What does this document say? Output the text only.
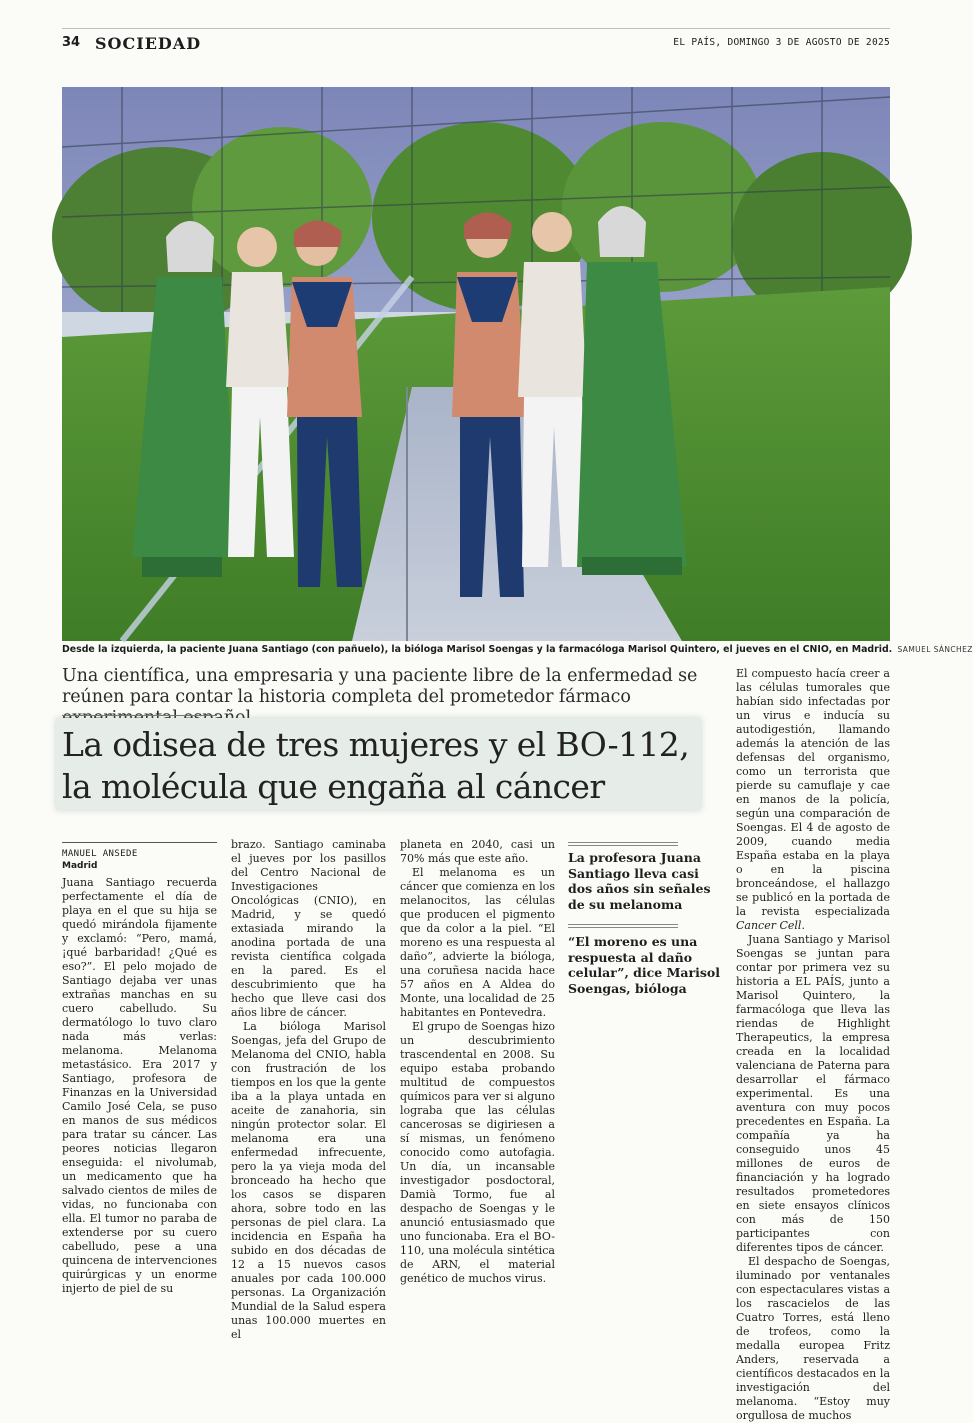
34 SOCIEDAD	EL PAÍS, DOMINGO 3 DE AGOSTO DE 2025
Desde la izquierda, la paciente Juana Santiago (con pañuelo), la bióloga Marisol Soengas y la farmacóloga Marisol Quintero, el jueves en el CNIO, en Madrid. SAMUEL SÁNCHEZ
Una científica, una empresaria y una paciente libre de la enfermedad se reúnen para contar la historia completa del prometedor fármaco
La odisea de tres mujeres y el BO-112,
la molécula que engaña al cáncer
MANUEL ANSEDE
Madrid

Juana Santiago recuerda perfectamente el día de playa en el que su hija se quedó mirándola fijamente y exclamó: “Pero, mamá, ¡qué barbaridad! ¿Qué es eso?”. El pelo mojado de Santiago dejaba ver unas extrañas manchas en su cuero cabelludo. Su dermatólogo lo tuvo claro nada más verlas: melanoma. Melanoma metastásico. Era 2017 y Santiago, profesora de Finanzas en la Universidad Camilo José Cela, se puso en manos de sus médicos para tratar su cáncer. Las peores noticias llegaron enseguida: el nivolumab, un medicamento que ha salvado cientos de miles de vidas, no funcionaba con ella. El tumor no paraba de extenderse por su cuero cabelludo, pese a una quincena de intervenciones quirúrgicas y un enorme injerto de piel de su

brazo. Santiago caminaba el jueves por los pasillos del Centro Nacional de Investigaciones Oncológicas (CNIO), en Madrid, y se quedó extasiada mirando la anodina portada de una revista científica colgada en la pared. Es el descubrimiento que ha hecho que lleve casi dos años libre de cáncer.

La bióloga Marisol Soengas, jefa del Grupo de Melanoma del CNIO, habla con frustración de los tiempos en los que la gente iba a la playa untada en aceite de zanahoria, sin ningún protector solar. El melanoma era una enfermedad infrecuente, pero la ya vieja moda del bronceado ha hecho que los casos se disparen ahora, sobre todo en las personas de piel clara. La incidencia en España ha subido en dos décadas de 12 a 15 nuevos casos anuales por cada 100.000 personas. La Organización Mundial de la Salud espera unas 100.000 muertes en el

planeta en 2040, casi un 70% más que este año.

El melanoma es un cáncer que comienza en los melanocitos, las células que producen el pigmento que da color a la piel. “El moreno es una respuesta al daño”, advierte la bióloga, una coruñesa nacida hace 57 años en A Aldea do Monte, una localidad de 25 habitantes en Pontevedra.

El grupo de Soengas hizo un descubrimiento trascendental en 2008. Su equipo estaba probando multitud de compuestos químicos para ver si alguno lograba que las células cancerosas se digiriesen a sí mismas, un fenómeno conocido como autofagia. Un día, un incansable investigador posdoctoral, Damià Tormo, fue al despacho de Soengas y le anunció entusiasmado que uno funcionaba. Era el BO-110, una molécula sintética de ARN, el material genético de muchos virus.

La profesora Juana Santiago lleva casi dos años sin señales de su melanoma
“El moreno es una respuesta al daño celular”, dice Marisol Soengas, bióloga

El compuesto hacía creer a las células tumorales que habían sido infectadas por un virus e inducía su autodigestión, llamando además la atención de las defensas del organismo, como un terrorista que pierde su camuflaje y cae en manos de la policía, según una comparación de Soengas. El 4 de agosto de 2009, cuando media España estaba en la playa o en la piscina bronceándose, el hallazgo se publicó en la portada de la revista especializada Cancer Cell.

Juana Santiago y Marisol Soengas se juntan para contar por primera vez su historia a EL PAÍS, junto a Marisol Quintero, la farmacóloga que lleva las riendas de Highlight Therapeutics, la empresa creada en la localidad valenciana de Paterna para desarrollar el fármaco experimental. Es una aventura con muy pocos precedentes en España. La compañía ya ha conseguido unos 45 millones de euros de financiación y ha logrado resultados prometedores en siete ensayos clínicos con más de 150 participantes con diferentes tipos de cáncer.

El despacho de Soengas, iluminado por ventanales con espectaculares vistas a los rascacielos de las Cuatro Torres, está lleno de trofeos, como la medalla europea Fritz Anders, reservada a científicos destacados en la investigación del melanoma. “Estoy muy orgullosa de muchos
